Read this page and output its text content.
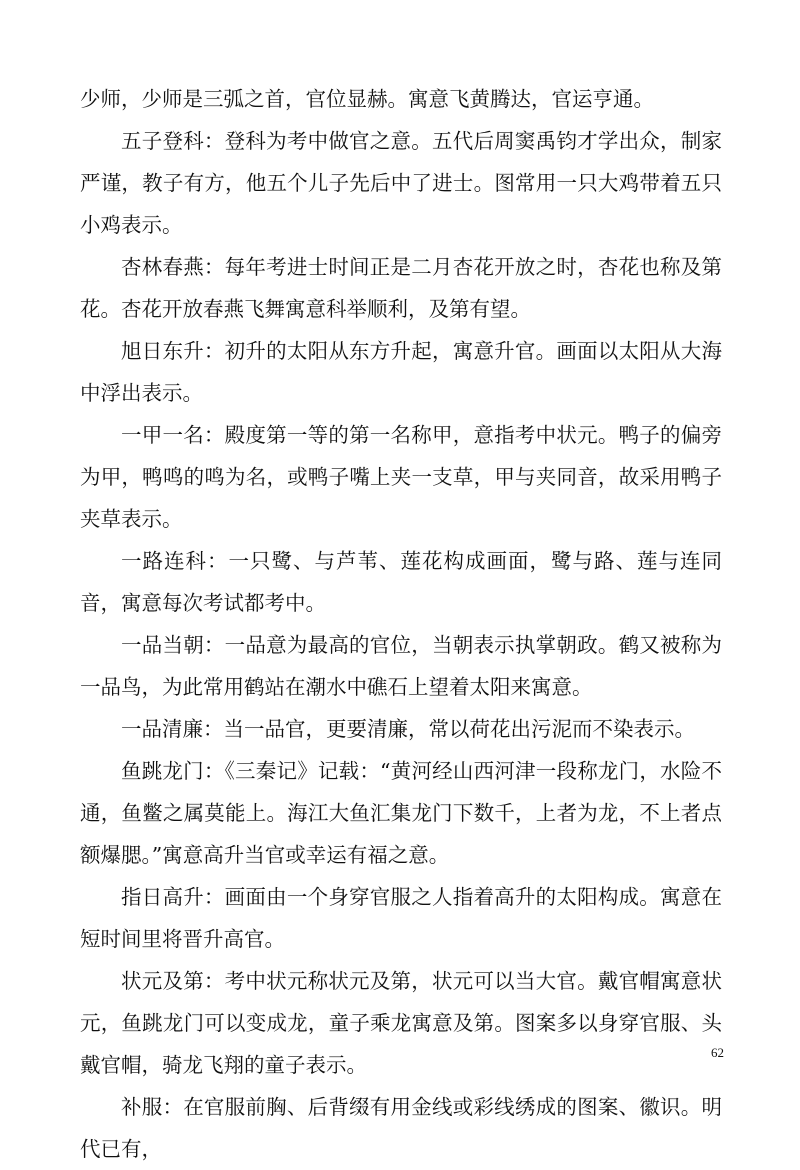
少师，少师是三弧之首，官位显赫。寓意飞黄腾达，官运亨通。

五子登科：登科为考中做官之意。五代后周窦禹钧才学出众，制家严谨，教子有方，他五个儿子先后中了进士。图常用一只大鸡带着五只小鸡表示。

杏林春燕：每年考进士时间正是二月杏花开放之时，杏花也称及第花。杏花开放春燕飞舞寓意科举顺利，及第有望。

旭日东升：初升的太阳从东方升起，寓意升官。画面以太阳从大海中浮出表示。

一甲一名：殿度第一等的第一名称甲，意指考中状元。鸭子的偏旁为甲，鸭鸣的鸣为名，或鸭子嘴上夹一支草，甲与夹同音，故采用鸭子夹草表示。

一路连科：一只鹭、与芦苇、莲花构成画面，鹭与路、莲与连同音，寓意每次考试都考中。

一品当朝：一品意为最高的官位，当朝表示执掌朝政。鹤又被称为一品鸟，为此常用鹤站在潮水中礁石上望着太阳来寓意。

一品清廉：当一品官，更要清廉，常以荷花出污泥而不染表示。

鱼跳龙门：《三秦记》记载：“黄河经山西河津一段称龙门，水险不通，鱼鳖之属莫能上。海江大鱼汇集龙门下数千，上者为龙，不上者点额爆腮。”寓意高升当官或幸运有福之意。

指日高升：画面由一个身穿官服之人指着高升的太阳构成。寓意在短时间里将晋升高官。

状元及第：考中状元称状元及第，状元可以当大官。戴官帽寓意状元，鱼跳龙门可以变成龙，童子乘龙寓意及第。图案多以身穿官服、头戴官帽，骑龙飞翔的童子表示。

补服：在官服前胸、后背缀有用金线或彩线绣成的图案、徽识。明代已有，

62
